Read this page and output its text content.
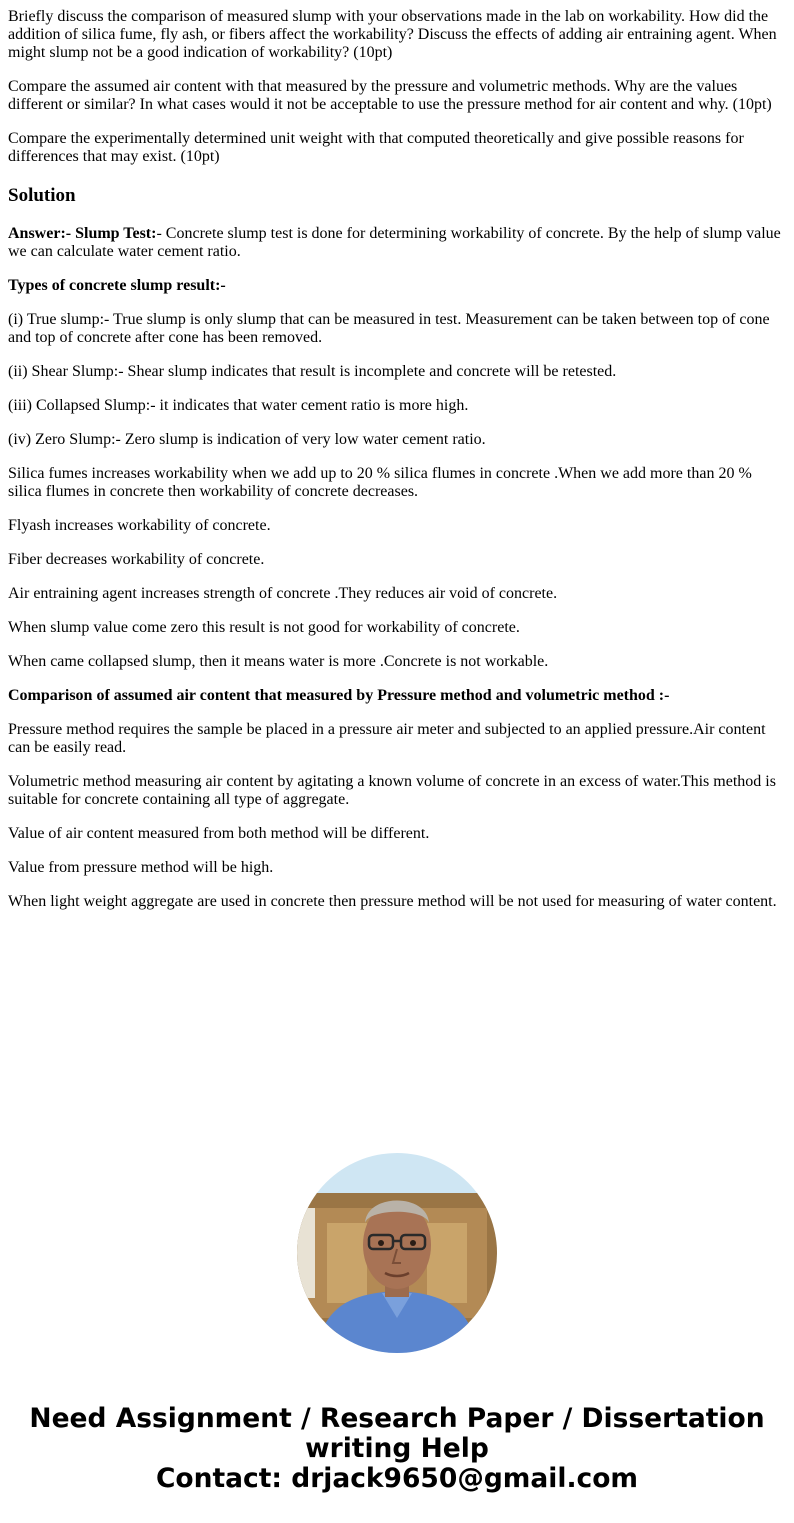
Briefly discuss the comparison of measured slump with your observations made in the lab on workability. How did the addition of silica fume, fly ash, or fibers affect the workability? Discuss the effects of adding air entraining agent. When might slump not be a good indication of workability? (10pt)

Compare the assumed air content with that measured by the pressure and volumetric methods. Why are the values different or similar? In what cases would it not be acceptable to use the pressure method for air content and why. (10pt)

Compare the experimentally determined unit weight with that computed theoretically and give possible reasons for differences that may exist. (10pt)

Solution

Answer:- Slump Test:- Concrete slump test is done for determining workability of concrete. By the help of slump value we can calculate water cement ratio.

Types of concrete slump result:-

(i) True slump:- True slump is only slump that can be measured in test. Measurement can be taken between top of cone and top of concrete after cone has been removed.

(ii) Shear Slump:- Shear slump indicates that result is incomplete and concrete will be retested.

(iii) Collapsed Slump:- it indicates that water cement ratio is more high.

(iv) Zero Slump:- Zero slump is indication of very low water cement ratio.

Silica fumes increases workability when we add up to 20 % silica flumes in concrete .When we add more than 20 % silica flumes in concrete then workability of concrete decreases.

Flyash increases workability of concrete.

Fiber decreases workability of concrete.

Air entraining agent increases strength of concrete .They reduces air void of concrete.

When slump value come zero this result is not good for workability of concrete.

When came collapsed slump, then it means water is more .Concrete is not workable.

Comparison of assumed air content that measured by Pressure method and volumetric method :-

Pressure method requires the sample be placed in a pressure air meter and subjected to an applied pressure.Air content can be easily read.

Volumetric method measuring air content by agitating a known volume of concrete in an excess of water.This method is suitable for concrete containing all type of aggregate.

Value of air content measured from both method will be different.

Value from pressure method will be high.

When light weight aggregate are used in concrete then pressure method will be not used for measuring of water content.

Need Assignment / Research Paper / Dissertation
writing Help
Contact: drjack9650@gmail.com
